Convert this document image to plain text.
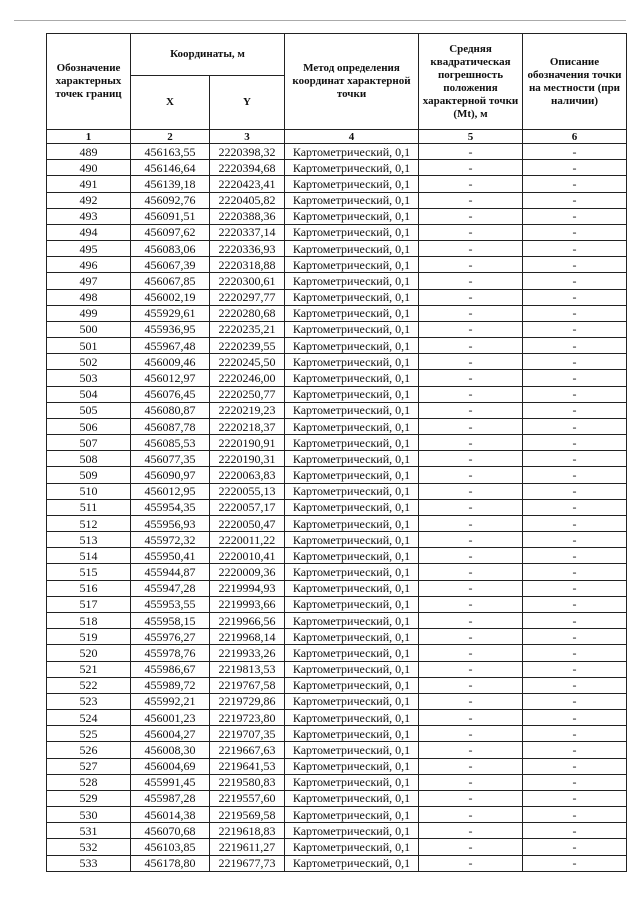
Обозначение характерных точек границ	Координаты, м		Метод определения координат характерной точки	Средняя квадратическая погрешность положения характерной точки (Mt), м	Описание обозначения точки на местности (при наличии)
	X	Y			
1	2	3	4	5	6
489	456163,55	2220398,32	Картометрический, 0,1	-	-
490	456146,64	2220394,68	Картометрический, 0,1	-	-
491	456139,18	2220423,41	Картометрический, 0,1	-	-
492	456092,76	2220405,82	Картометрический, 0,1	-	-
493	456091,51	2220388,36	Картометрический, 0,1	-	-
494	456097,62	2220337,14	Картометрический, 0,1	-	-
495	456083,06	2220336,93	Картометрический, 0,1	-	-
496	456067,39	2220318,88	Картометрический, 0,1	-	-
497	456067,85	2220300,61	Картометрический, 0,1	-	-
498	456002,19	2220297,77	Картометрический, 0,1	-	-
499	455929,61	2220280,68	Картометрический, 0,1	-	-
500	455936,95	2220235,21	Картометрический, 0,1	-	-
501	455967,48	2220239,55	Картометрический, 0,1	-	-
502	456009,46	2220245,50	Картометрический, 0,1	-	-
503	456012,97	2220246,00	Картометрический, 0,1	-	-
504	456076,45	2220250,77	Картометрический, 0,1	-	-
505	456080,87	2220219,23	Картометрический, 0,1	-	-
506	456087,78	2220218,37	Картометрический, 0,1	-	-
507	456085,53	2220190,91	Картометрический, 0,1	-	-
508	456077,35	2220190,31	Картометрический, 0,1	-	-
509	456090,97	2220063,83	Картометрический, 0,1	-	-
510	456012,95	2220055,13	Картометрический, 0,1	-	-
511	455954,35	2220057,17	Картометрический, 0,1	-	-
512	455956,93	2220050,47	Картометрический, 0,1	-	-
513	455972,32	2220011,22	Картометрический, 0,1	-	-
514	455950,41	2220010,41	Картометрический, 0,1	-	-
515	455944,87	2220009,36	Картометрический, 0,1	-	-
516	455947,28	2219994,93	Картометрический, 0,1	-	-
517	455953,55	2219993,66	Картометрический, 0,1	-	-
518	455958,15	2219966,56	Картометрический, 0,1	-	-
519	455976,27	2219968,14	Картометрический, 0,1	-	-
520	455978,76	2219933,26	Картометрический, 0,1	-	-
521	455986,67	2219813,53	Картометрический, 0,1	-	-
522	455989,72	2219767,58	Картометрический, 0,1	-	-
523	455992,21	2219729,86	Картометрический, 0,1	-	-
524	456001,23	2219723,80	Картометрический, 0,1	-	-
525	456004,27	2219707,35	Картометрический, 0,1	-	-
526	456008,30	2219667,63	Картометрический, 0,1	-	-
527	456004,69	2219641,53	Картометрический, 0,1	-	-
528	455991,45	2219580,83	Картометрический, 0,1	-	-
529	455987,28	2219557,60	Картометрический, 0,1	-	-
530	456014,38	2219569,58	Картометрический, 0,1	-	-
531	456070,68	2219618,83	Картометрический, 0,1	-	-
532	456103,85	2219611,27	Картометрический, 0,1	-	-
533	456178,80	2219677,73	Картометрический, 0,1	-	-
